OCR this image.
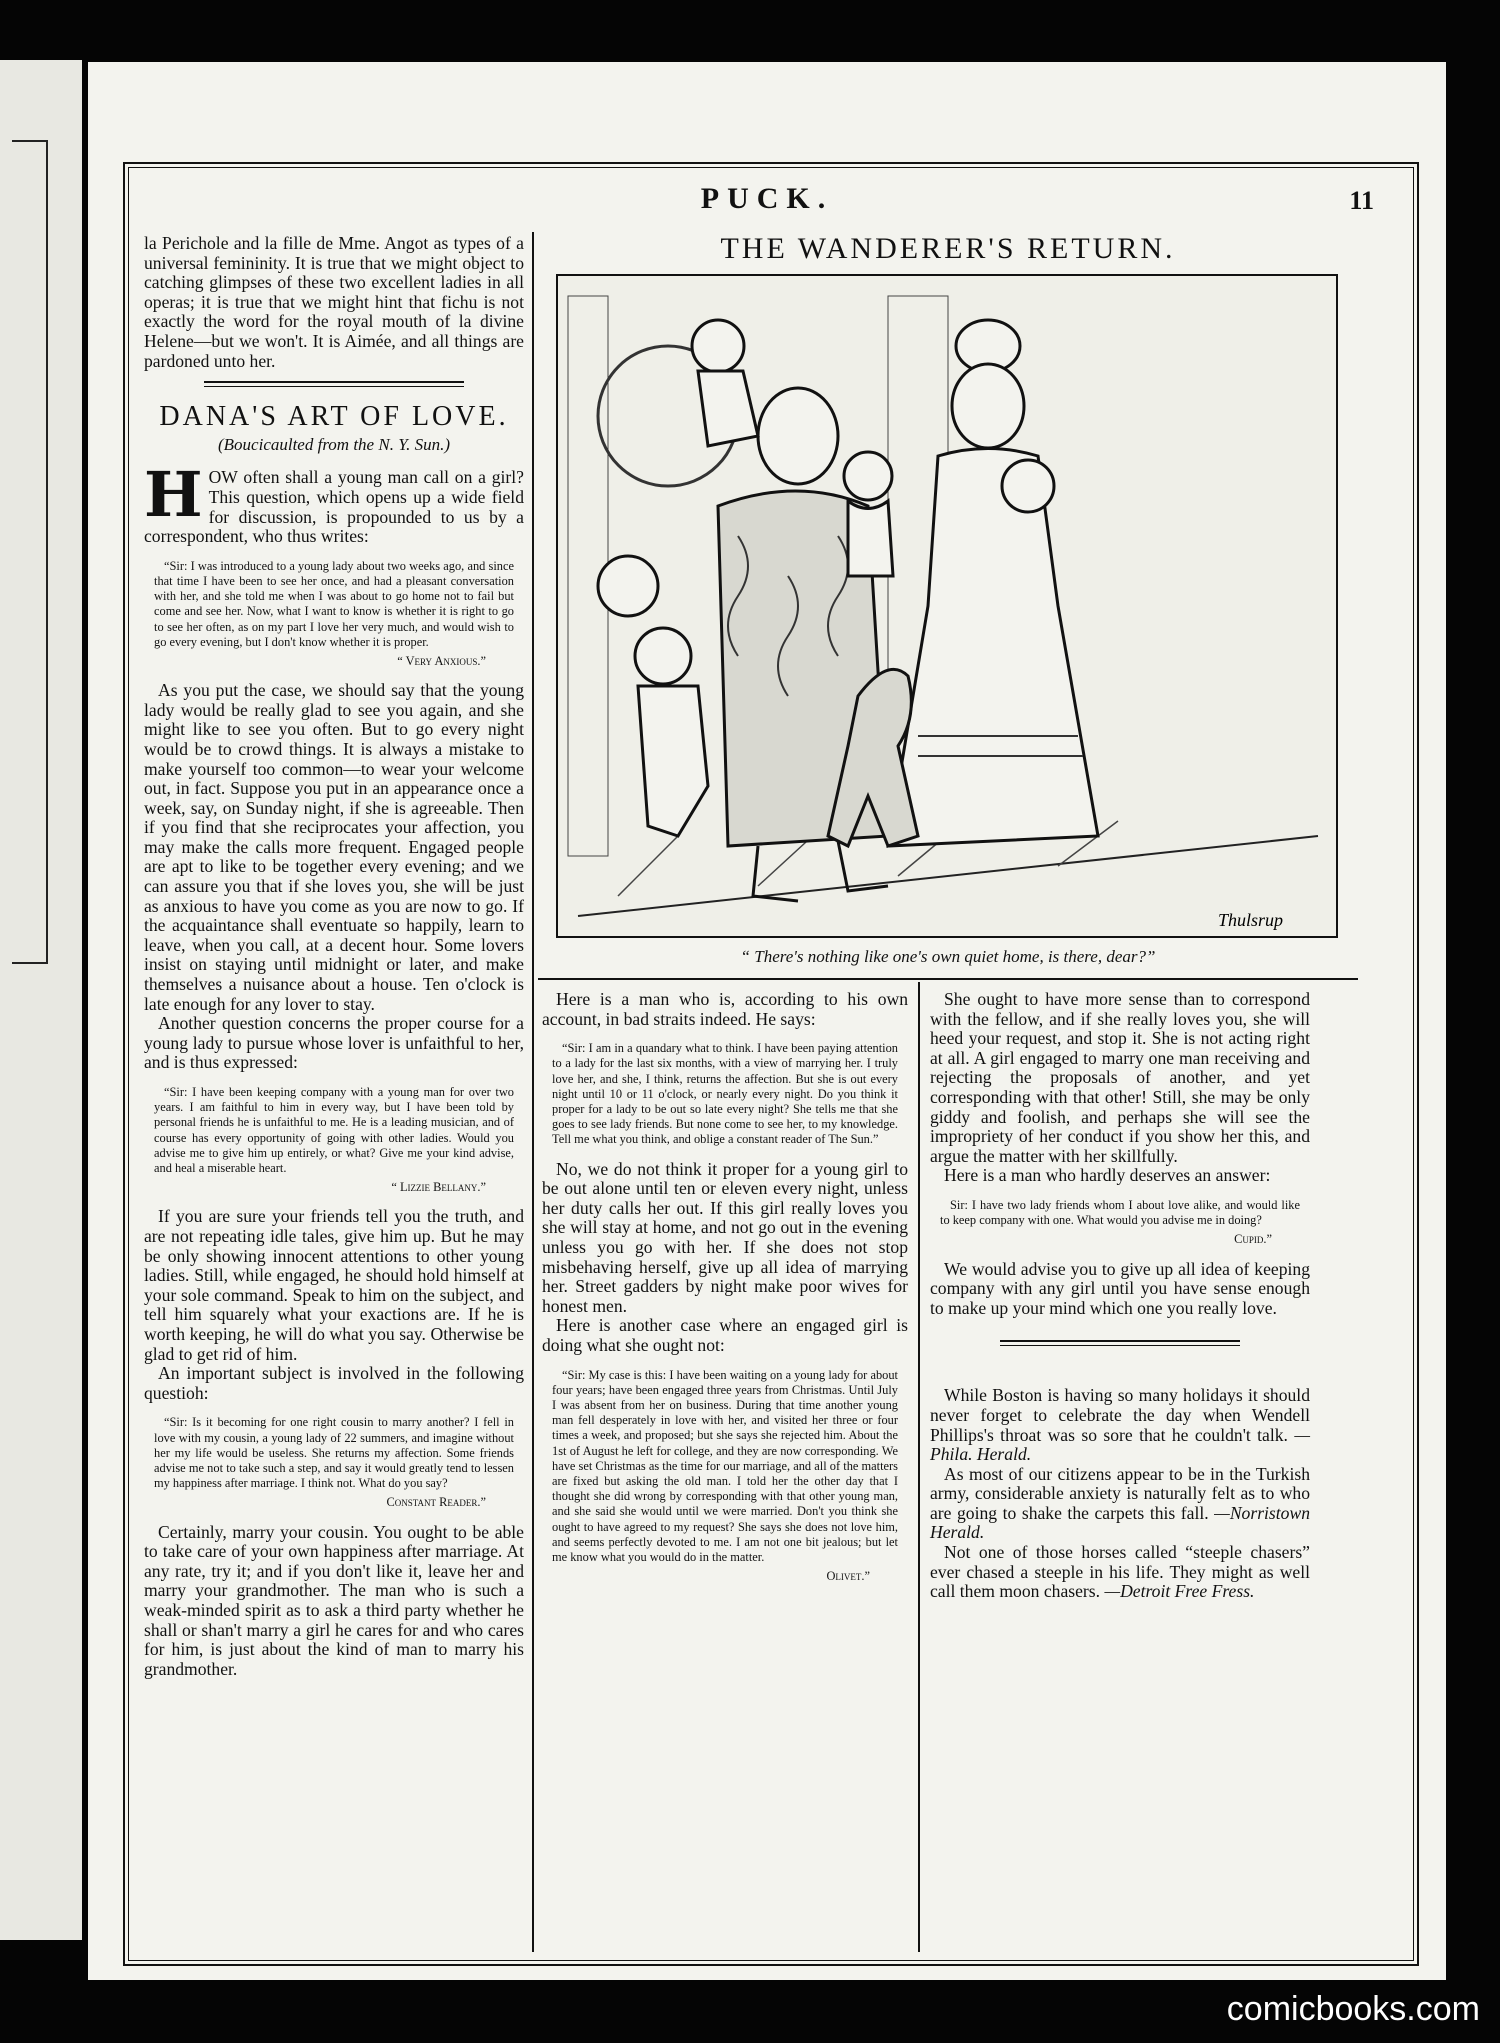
PUCK.	11

la Perichole and la fille de Mme. Angot as types of a universal femininity. It is true that we might object to catching glimpses of these two excellent ladies in all operas; it is true that we might hint that fichu is not exactly the word for the royal mouth of la divine Helene—but we won't. It is Aimée, and all things are pardoned unto her.

DANA'S ART OF LOVE.
(Boucicaulted from the N. Y. Sun.)

HOW often shall a young man call on a girl? This question, which opens up a wide field for discussion, is propounded to us by a correspondent, who thus writes:

“Sir: I was introduced to a young lady about two weeks ago, and since that time I have been to see her once, and had a pleasant conversation with her, and she told me when I was about to go home not to fail but come and see her. Now, what I want to know is whether it is right to go to see her often, as on my part I love her very much, and would wish to go every evening, but I don't know whether it is proper.
“ Very Anxious.”

As you put the case, we should say that the young lady would be really glad to see you again, and she might like to see you often. But to go every night would be to crowd things. It is always a mistake to make yourself too common—to wear your welcome out, in fact. Suppose you put in an appearance once a week, say, on Sunday night, if she is agreeable. Then if you find that she reciprocates your affection, you may make the calls more frequent. Engaged people are apt to like to be together every evening; and we can assure you that if she loves you, she will be just as anxious to have you come as you are now to go. If the acquaintance shall eventuate so happily, learn to leave, when you call, at a decent hour. Some lovers insist on staying until midnight or later, and make themselves a nuisance about a house. Ten o'clock is late enough for any lover to stay.

Another question concerns the proper course for a young lady to pursue whose lover is unfaithful to her, and is thus expressed:

“Sir: I have been keeping company with a young man for over two years. I am faithful to him in every way, but I have been told by personal friends he is unfaithful to me. He is a leading musician, and of course has every opportunity of going with other ladies. Would you advise me to give him up entirely, or what? Give me your kind advise, and heal a miserable heart.
“ Lizzie Bellany.”

If you are sure your friends tell you the truth, and are not repeating idle tales, give him up. But he may be only showing innocent attentions to other young ladies. Still, while engaged, he should hold himself at your sole command. Speak to him on the subject, and tell him squarely what your exactions are. If he is worth keeping, he will do what you say. Otherwise be glad to get rid of him.

An important subject is involved in the following questioh:

“Sir: Is it becoming for one right cousin to marry another? I fell in love with my cousin, a young lady of 22 summers, and imagine without her my life would be useless. She returns my affection. Some friends advise me not to take such a step, and say it would greatly tend to lessen my happiness after marriage. I think not. What do you say?
Constant Reader.”

Certainly, marry your cousin. You ought to be able to take care of your own happiness after marriage. At any rate, try it; and if you don't like it, leave her and marry your grandmother. The man who is such a weak-minded spirit as to ask a third party whether he shall or shan't marry a girl he cares for and who cares for him, is just about the kind of man to marry his grandmother.

THE WANDERER'S RETURN.
Thulsrup
“ There's nothing like one's own quiet home, is there, dear?”

Here is a man who is, according to his own account, in bad straits indeed. He says:

“Sir: I am in a quandary what to think. I have been paying attention to a lady for the last six months, with a view of marrying her. I truly love her, and she, I think, returns the affection. But she is out every night until 10 or 11 o'clock, or nearly every night. Do you think it proper for a lady to be out so late every night? She tells me that she goes to see lady friends. But none come to see her, to my knowledge. Tell me what you think, and oblige a constant reader of The Sun.”

No, we do not think it proper for a young girl to be out alone until ten or eleven every night, unless her duty calls her out. If this girl really loves you she will stay at home, and not go out in the evening unless you go with her. If she does not stop misbehaving herself, give up all idea of marrying her. Street gadders by night make poor wives for honest men.

Here is another case where an engaged girl is doing what she ought not:

“Sir: My case is this: I have been waiting on a young lady for about four years; have been engaged three years from Christmas. Until July I was absent from her on business. During that time another young man fell desperately in love with her, and visited her three or four times a week, and proposed; but she says she rejected him. About the 1st of August he left for college, and they are now corresponding. We have set Christmas as the time for our marriage, and all of the matters are fixed but asking the old man. I told her the other day that I thought she did wrong by corresponding with that other young man, and she said she would until we were married. Don't you think she ought to have agreed to my request? She says she does not love him, and seems perfectly devoted to me. I am not one bit jealous; but let me know what you would do in the matter.
Olivet.”

She ought to have more sense than to correspond with the fellow, and if she really loves you, she will heed your request, and stop it. She is not acting right at all. A girl engaged to marry one man receiving and rejecting the proposals of another, and yet corresponding with that other! Still, she may be only giddy and foolish, and perhaps she will see the impropriety of her conduct if you show her this, and argue the matter with her skillfully.

Here is a man who hardly deserves an answer:

Sir: I have two lady friends whom I about love alike, and would like to keep company with one. What would you advise me in doing?
Cupid.”

We would advise you to give up all idea of keeping company with any girl until you have sense enough to make up your mind which one you really love.

While Boston is having so many holidays it should never forget to celebrate the day when Wendell Phillips's throat was so sore that he couldn't talk. —Phila. Herald.

As most of our citizens appear to be in the Turkish army, considerable anxiety is naturally felt as to who are going to shake the carpets this fall. —Norristown Herald.

Not one of those horses called “steeple chasers” ever chased a steeple in his life. They might as well call them moon chasers. —Detroit Free Fress.

comicbooks.com
